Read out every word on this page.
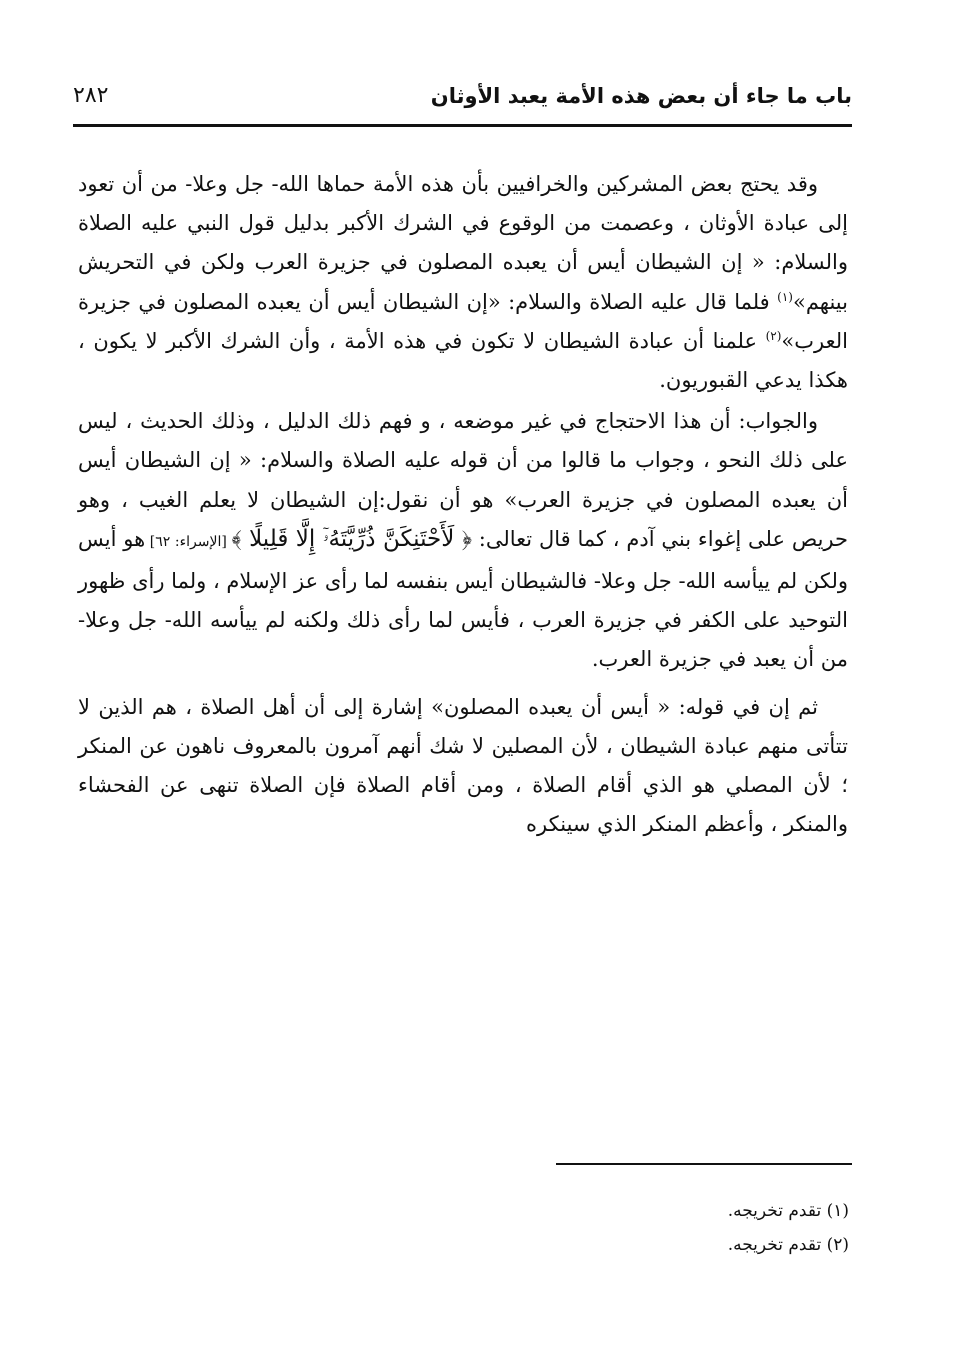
باب ما جاء أن بعض هذه الأمة يعبد الأوثان
٢٨٢

وقد يحتج بعض المشركين والخرافيين بأن هذه الأمة حماها الله- جل وعلا- من أن تعود إلى عبادة الأوثان ، وعصمت من الوقوع في الشرك الأكبر بدليل قول النبي عليه الصلاة والسلام: « إن الشيطان أيس أن يعبده المصلون في جزيرة العرب ولكن في التحريش بينهم»$^{(١)}$ فلما قال عليه الصلاة والسلام: «إن الشيطان أيس أن يعبده المصلون في جزيرة العرب»$^{(٢)}$ علمنا أن عبادة الشيطان لا تكون في هذه الأمة ، وأن الشرك الأكبر لا يكون ، هكذا يدعي القبوريون.

والجواب: أن هذا الاحتجاج في غير موضعه ، و فهم ذلك الدليل ، وذلك الحديث ، ليس على ذلك النحو ، وجواب ما قالوا من أن قوله عليه الصلاة والسلام: « إن الشيطان أيس أن يعبده المصلون في جزيرة العرب» هو أن نقول:إن الشيطان لا يعلم الغيب ، وهو حريص على إغواء بني آدم ، كما قال تعالى: ﴿ لَأَحْتَنِكَنَّ ذُرِّيَّتَهُۥٓ إِلَّا قَلِيلًا ﴾ [الإسراء: ٦٢] هو أيس ولكن لم ييأسه الله- جل وعلا- فالشيطان أيس بنفسه لما رأى عز الإسلام ، ولما رأى ظهور التوحيد على الكفر في جزيرة العرب ، فأيس لما رأى ذلك ولكنه لم ييأسه الله- جل وعلا- من أن يعبد في جزيرة العرب.

ثم إن في قوله: « أيس أن يعبده المصلون» إشارة إلى أن أهل الصلاة ، هم الذين لا تتأتى منهم عبادة الشيطان ، لأن المصلين لا شك أنهم آمرون بالمعروف ناهون عن المنكر ؛ لأن المصلي هو الذي أقام الصلاة ، ومن أقام الصلاة فإن الصلاة تنهى عن الفحشاء والمنكر ، وأعظم المنكر الذي سينكره

(١) تقدم تخريجه.

(٢) تقدم تخريجه.
